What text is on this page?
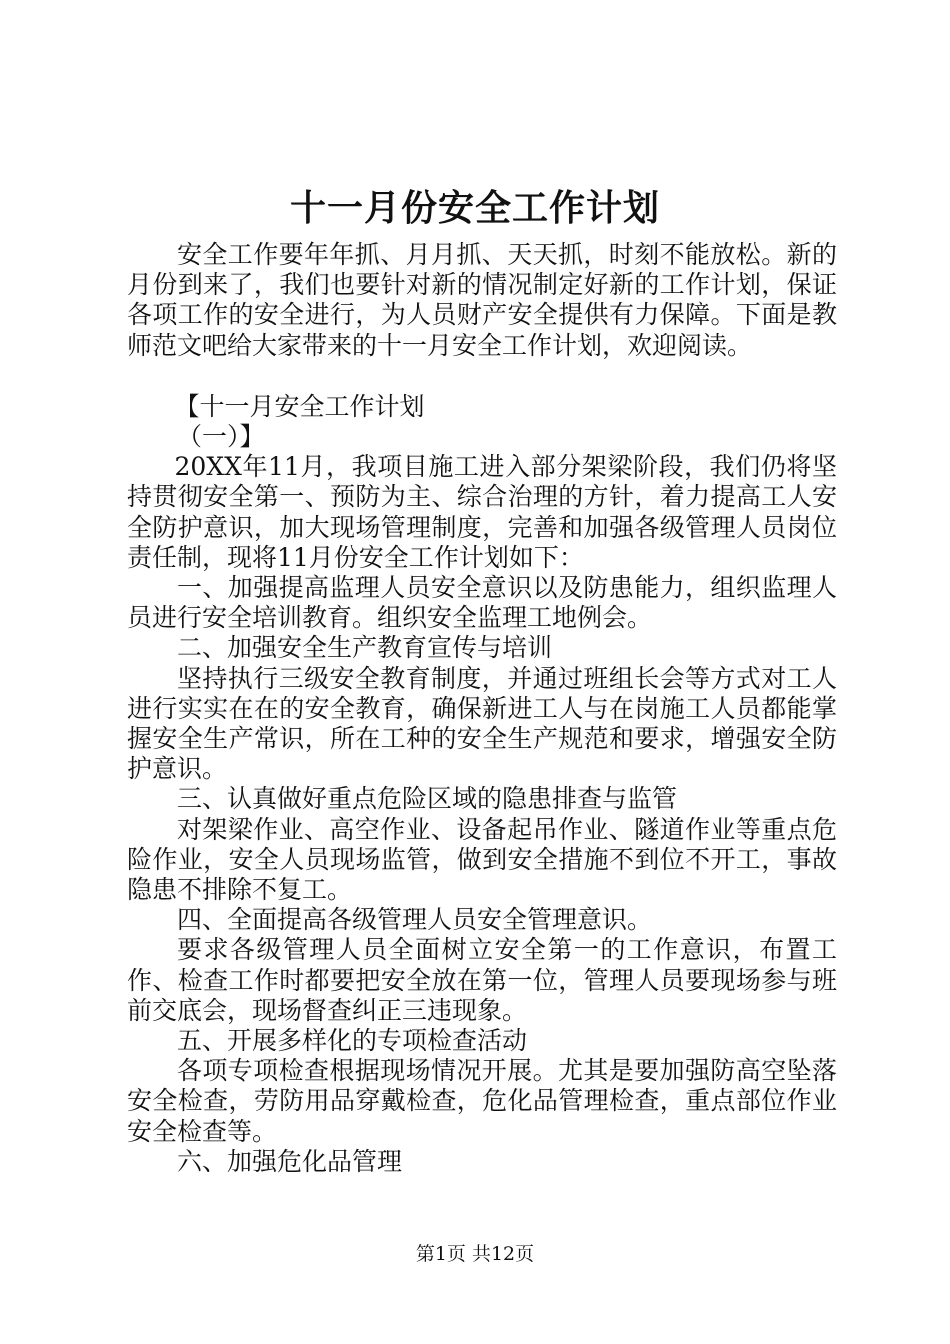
十一月份安全工作计划

安全工作要年年抓、月月抓、天天抓，时刻不能放松。新的月份到来了，我们也要针对新的情况制定好新的工作计划，保证各项工作的安全进行，为人员财产安全提供有力保障。下面是教师范文吧给大家带来的十一月安全工作计划，欢迎阅读。

【十一月安全工作计划

（一）】

20XX年11月，我项目施工进入部分架梁阶段，我们仍将坚持贯彻安全第一、预防为主、综合治理的方针，着力提高工人安全防护意识，加大现场管理制度，完善和加强各级管理人员岗位责任制，现将11月份安全工作计划如下：

一、加强提高监理人员安全意识以及防患能力，组织监理人员进行安全培训教育。组织安全监理工地例会。

二、加强安全生产教育宣传与培训

坚持执行三级安全教育制度，并通过班组长会等方式对工人进行实实在在的安全教育，确保新进工人与在岗施工人员都能掌握安全生产常识，所在工种的安全生产规范和要求，增强安全防护意识。

三、认真做好重点危险区域的隐患排查与监管

对架梁作业、高空作业、设备起吊作业、隧道作业等重点危险作业，安全人员现场监管，做到安全措施不到位不开工，事故隐患不排除不复工。

四、全面提高各级管理人员安全管理意识。

要求各级管理人员全面树立安全第一的工作意识，布置工作、检查工作时都要把安全放在第一位，管理人员要现场参与班前交底会，现场督查纠正三违现象。

五、开展多样化的专项检查活动

各项专项检查根据现场情况开展。尤其是要加强防高空坠落安全检查，劳防用品穿戴检查，危化品管理检查，重点部位作业安全检查等。

六、加强危化品管理

第1页 共12页
